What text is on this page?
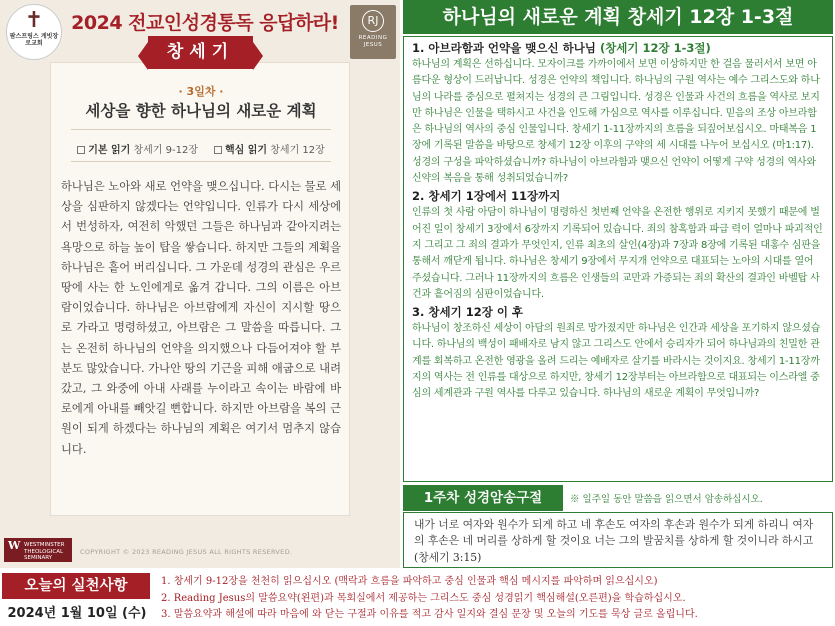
✝
팜스프링스 게빗장로교회
2024 전교인성경통독 응답하라!	RJ
READING JESUS
· 3일차 ·
세상을 향한 하나님의 새로운 계획
기본 읽기 창세기 9-12장	핵심 읽기 창세기 12장
하나님은 노아와 새로 언약을 맺으십니다. 다시는 물로 세상을 심판하지 않겠다는 언약입니다. 인류가 다시 세상에서 번성하자, 여전히 악했던 그들은 하나님과 같아지려는 욕망으로 하늘 높이 탑을 쌓습니다. 하지만 그들의 계획을 하나님은 흩어 버리십니다. 그 가운데 성경의 관심은 우르 땅에 사는 한 노인에게로 옮겨 갑니다. 그의 이름은 아브람이었습니다. 하나님은 아브람에게 자신이 지시할 땅으로 가라고 명령하셨고, 아브람은 그 말씀을 따릅니다. 그는 온전히 하나님의 언약을 의지했으나 다듬어져야 할 부분도 많았습니다. 가나안 땅의 기근을 피해 애굽으로 내려갔고, 그 와중에 아내 사래를 누이라고 속이는 바람에 바로에게 아내를 빼앗길 뻔합니다. 하지만 아브람을 복의 근원이 되게 하겠다는 하나님의 계획은 여기서 멈추지 않습니다.
창세기
W WESTMINSTER THEOLOGICAL SEMINARY
COPYRIGHT © 2023 READING JESUS ALL RIGHTS RESERVED.
하나님의 새로운 계획 창세기 12장 1-3절
1. 아브라함과 언약을 맺으신 하나님 (창세기 12장 1-3절)
하나님의 계획은 선하십니다. 모자이크를 가까이에서 보면 이상하지만 한 걸음 물러서서 보면 아름다운 형상이 드러납니다. 성경은 언약의 책입니다. 하나님의 구원 역사는 예수 그리스도와 하나님의 나라를 중심으로 펼쳐지는 성경의 큰 그림입니다. 성경은 인물과 사건의 흐름을 역사로 보지만 하나님은 인물을 택하시고 사건을 인도해 가심으로 역사를 이루십니다. 믿음의 조상 아브라함은 하나님의 역사의 중심 인물입니다. 창세기 1-11장까지의 흐름을 되짚어보십시오. 마태복음 1장에 기록된 말씀을 바탕으로 창세기 12장 이후의 구약의 세 시대를 나누어 보십시오 (마1:17). 성경의 구성을 파악하셨습니까? 하나님이 아브라함과 맺으신 언약이 어떻게 구약 성경의 역사와 신약의 복음을 통해 성취되었습니까?
2. 창세기 1장에서 11장까지
인류의 첫 사람 아담이 하나님이 명령하신 첫번째 언약을 온전한 행위로 지키지 못했기 때문에 벌어진 일이 창세기 3장에서 6장까지 기록되어 있습니다. 죄의 참혹함과 파급 력이 얼마나 파괴적인지 그리고 그 죄의 결과가 무엇인지, 인류 최초의 살인(4장)과 7장과 8장에 기록된 대홍수 심판을 통해서 깨닫게 됩니다. 하나님은 창세기 9장에서 무지개 언약으로 대표되는 노아의 시대를 열어 주셨습니다. 그러나 11장까지의 흐름은 인생들의 교만과 가증되는 죄의 확산의 결과인 바벨탑 사건과 흩어짐의 심판이었습니다.
3. 창세기 12장 이 후
하나님이 창조하신 세상이 아담의 원죄로 망가졌지만 하나님은 인간과 세상을 포기하지 않으셨습니다. 하나님의 백성이 패배자로 남지 않고 그리스도 안에서 승리자가 되어 하나님과의 친밀한 관계를 회복하고 온전한 영광을 올려 드리는 예배자로 살기를 바라시는 것이지요. 창세기 1-11장까지의 역사는 전 인류를 대상으로 하지만, 창세기 12장부터는 아브라함으로 대표되는 이스라엘 중심의 세계관과 구원 역사를 다루고 있습니다. 하나님의 새로운 계획이 무엇입니까?
1주차 성경암송구절	※ 일주일 동안 말씀을 읽으면서 암송하십시오.
내가 너로 여자와 원수가 되게 하고 네 후손도 여자의 후손과 원수가 되게 하리니 여자의 후손은 네 머리를 상하게 할 것이요 너는 그의 발꿈치를 상하게 할 것이니라 하시고 (창세기 3:15)
오늘의 실천사항
2024년 1월 10일 (수)
1. 창세기 9-12장을 천천히 읽으십시오 (맥락과 흐름을 파악하고 중심 인물과 핵심 메시지를 파악하며 읽으십시오)
2. Reading Jesus의 말씀요약(왼편)과 목회실에서 제공하는 그리스도 중심 성경읽기 핵심해설(오른편)을 학습하십시오.
3. 말씀요약과 해설에 따라 마음에 와 닫는 구절과 이유를 적고 감사 일지와 결심 문장 및 오늘의 기도를 묵상 글로 올립니다.
